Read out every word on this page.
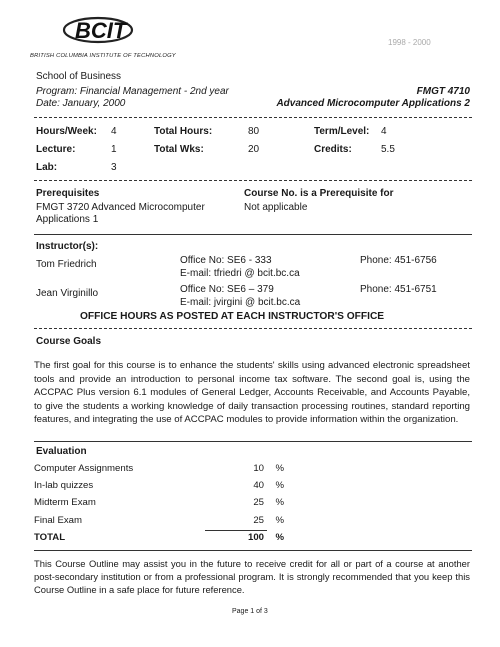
BCIT
BRITISH COLUMBIA INSTITUTE OF TECHNOLOGY
1998 - 2000
School of Business
Program: Financial Management - 2nd year
Date: January, 2000
FMGT 4710
Advanced Microcomputer Applications 2
Hours/Week: 4	Total Hours:	80	Term/Level: 4
Lecture:	1	Total Wks:	20	Credits:	5.5
Lab:	3
Prerequisites
FMGT 3720 Advanced Microcomputer
Applications 1
Course No. is a Prerequisite for
Not applicable
Instructor(s):
Tom Friedrich	Office No: SE6 - 333
E-mail: tfriedri @ bcit.bc.ca
Phone: 451-6756
Jean Virginillo	Office No: SE6 – 379
E-mail: jvirgini @ bcit.bc.ca
Phone: 451-6751
OFFICE HOURS AS POSTED AT EACH INSTRUCTOR'S OFFICE
Course Goals
The first goal for this course is to enhance the students' skills using advanced electronic spreadsheet tools and provide an introduction to personal income tax software. The second goal is, using the ACCPAC Plus version 6.1 modules of General Ledger, Accounts Receivable, and Accounts Payable, to give the students a working knowledge of daily transaction processing routines, standard reporting features, and integrating the use of ACCPAC modules to provide information within the organization.
Evaluation
Computer Assignments	10 %
In-lab quizzes	40 %
Midterm Exam	25 %
Final Exam	25 %
TOTAL	100 %
This Course Outline may assist you in the future to receive credit for all or part of a course at another post-secondary institution or from a professional program. It is strongly recommended that you keep this Course Outline in a safe place for future reference.
Page 1 of 3
